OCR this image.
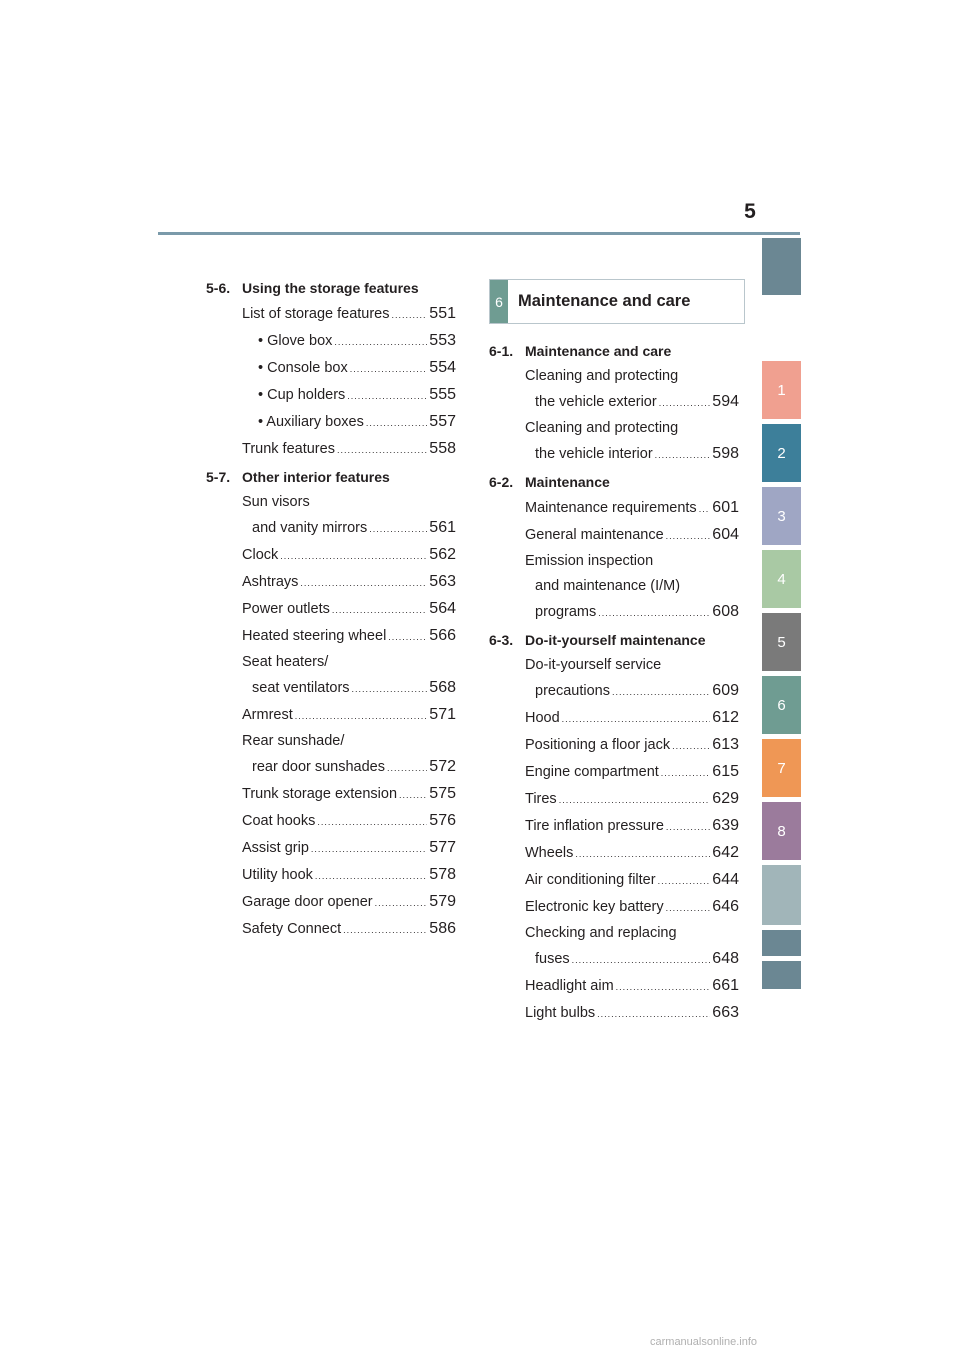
5
1
2
3
4
5
6
7
8
5-6. Using the storage features
List of storage features ..... 551
• Glove box .....	553
• Console box .....	554
• Cup holders .....	555
• Auxiliary boxes .....	557
Trunk features .....	558
5-7. Other interior features
Sun visors
and vanity mirrors .....	561
Clock .....	562
Ashtrays .....	563
Power outlets .....	564
Heated steering wheel .....	566
Seat heaters/
seat ventilators .....	568
Armrest .....	571
Rear sunshade/
rear door sunshades .....	572
Trunk storage extension ..... 575
Coat hooks .....	576
Assist grip .....	577
Utility hook .....	578
Garage door opener .....	579
Safety Connect .....	586
6 Maintenance and care
6-1. Maintenance and care
Cleaning and protecting
the vehicle exterior .....	594
Cleaning and protecting
the vehicle interior .....	598
6-2. Maintenance
Maintenance requirements ..... 601
General maintenance .....	604
Emission inspection
and maintenance (I/M)
programs .....	608
6-3. Do-it-yourself maintenance
Do-it-yourself service
precautions .....	609
Hood .....	612
Positioning a floor jack .....	613
Engine compartment .....	615
Tires .....	629
Tire inflation pressure .....	639
Wheels .....	642
Air conditioning filter .....	644
Electronic key battery .....	646
Checking and replacing
fuses .....	648
Headlight aim .....	661
Light bulbs .....	663
carmanualsonline.info
